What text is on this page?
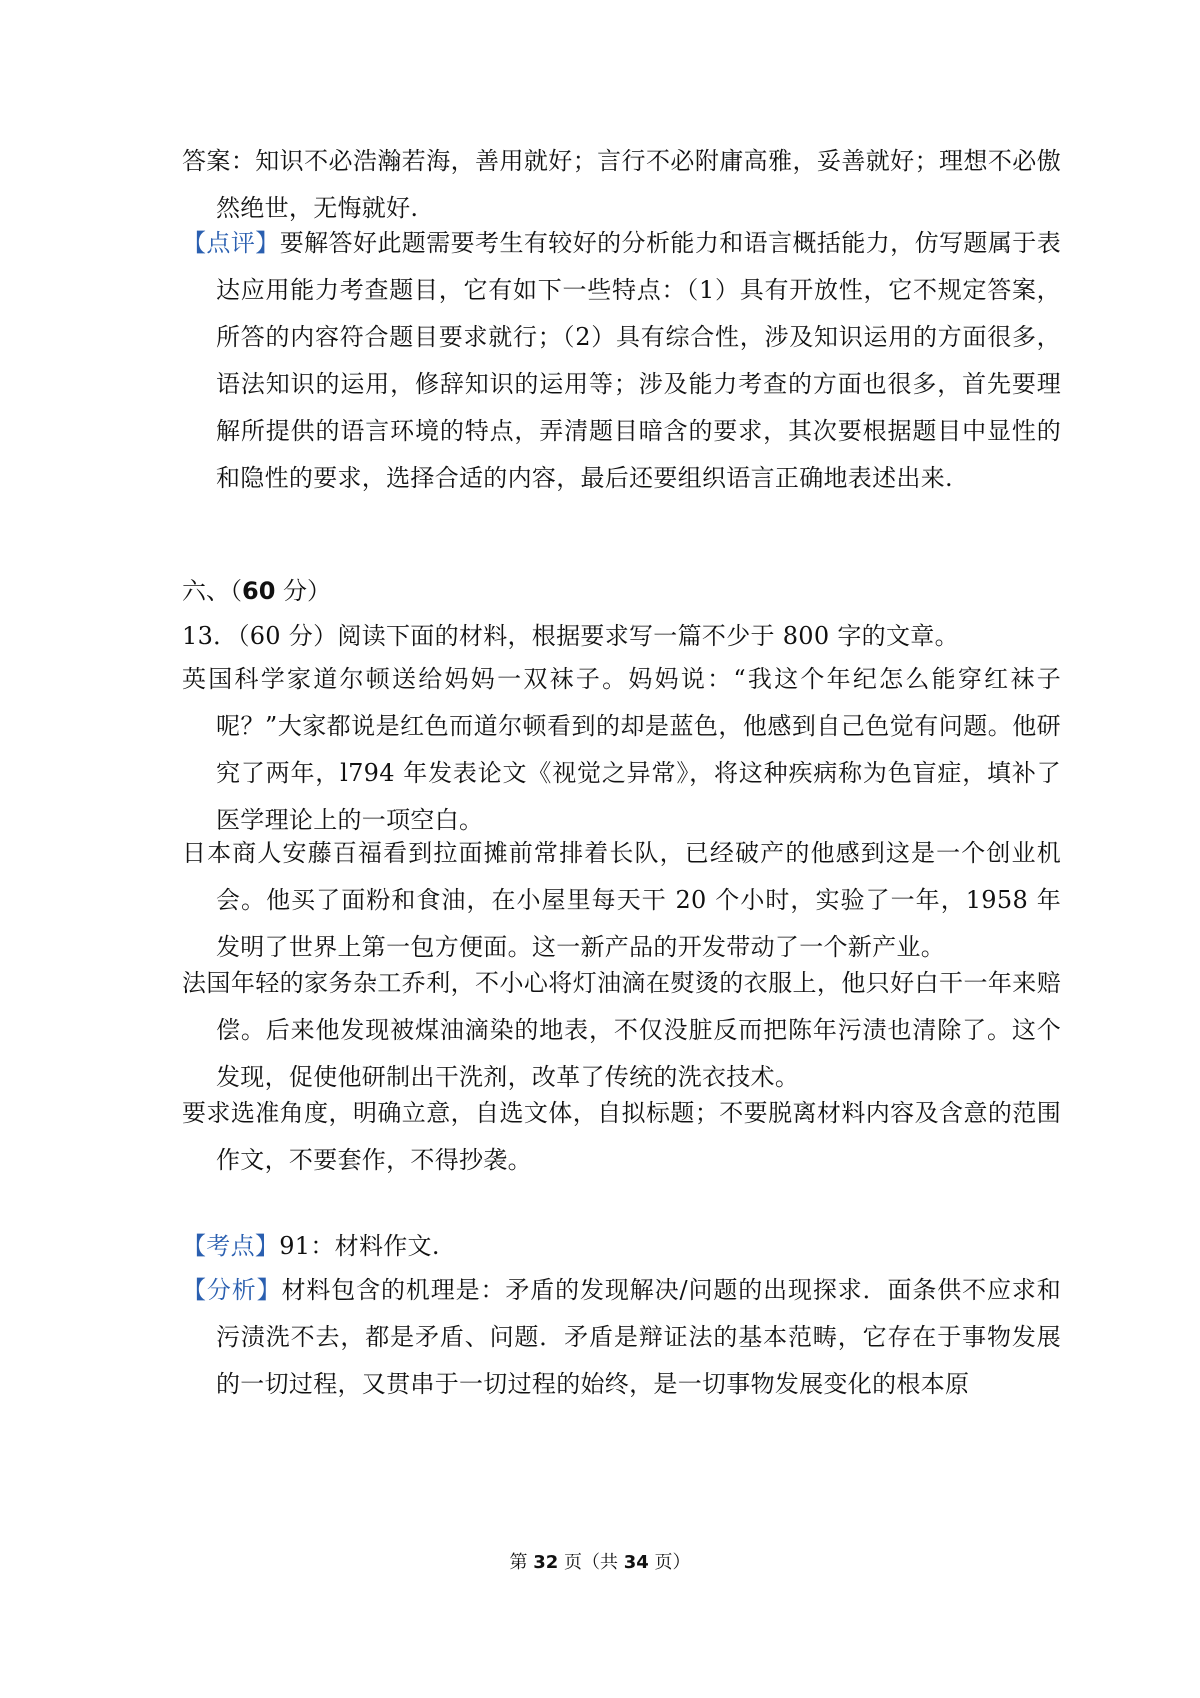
答案：知识不必浩瀚若海，善用就好；言行不必附庸高雅，妥善就好；理想不必傲然绝世，无悔就好.
【点评】要解答好此题需要考生有较好的分析能力和语言概括能力，仿写题属于表达应用能力考查题目，它有如下一些特点：（1）具有开放性，它不规定答案，所答的内容符合题目要求就行；（2）具有综合性，涉及知识运用的方面很多，语法知识的运用，修辞知识的运用等；涉及能力考查的方面也很多，首先要理解所提供的语言环境的特点，弄清题目暗含的要求，其次要根据题目中显性的和隐性的要求，选择合适的内容，最后还要组织语言正确地表述出来.
六、（60 分）
13．（60 分）阅读下面的材料，根据要求写一篇不少于 800 字的文章。
英国科学家道尔顿送给妈妈一双袜子。妈妈说：“我这个年纪怎么能穿红袜子呢？”大家都说是红色而道尔顿看到的却是蓝色，他感到自己色觉有问题。他研究了两年，l794 年发表论文《视觉之异常》，将这种疾病称为色盲症，填补了医学理论上的一项空白。
日本商人安藤百福看到拉面摊前常排着长队，已经破产的他感到这是一个创业机会。他买了面粉和食油，在小屋里每天干 20 个小时，实验了一年，1958 年发明了世界上第一包方便面。这一新产品的开发带动了一个新产业。
法国年轻的家务杂工乔利，不小心将灯油滴在熨烫的衣服上，他只好白干一年来赔偿。后来他发现被煤油滴染的地表，不仅没脏反而把陈年污渍也清除了。这个发现，促使他研制出干洗剂，改革了传统的洗衣技术。
要求选准角度，明确立意，自选文体，自拟标题；不要脱离材料内容及含意的范围作文，不要套作，不得抄袭。
【考点】91：材料作文.
【分析】材料包含的机理是：矛盾的发现解决/问题的出现探求．面条供不应求和污渍洗不去，都是矛盾、问题．矛盾是辩证法的基本范畴，它存在于事物发展的一切过程，又贯串于一切过程的始终，是一切事物发展变化的根本原
第 32 页（共 34 页）
